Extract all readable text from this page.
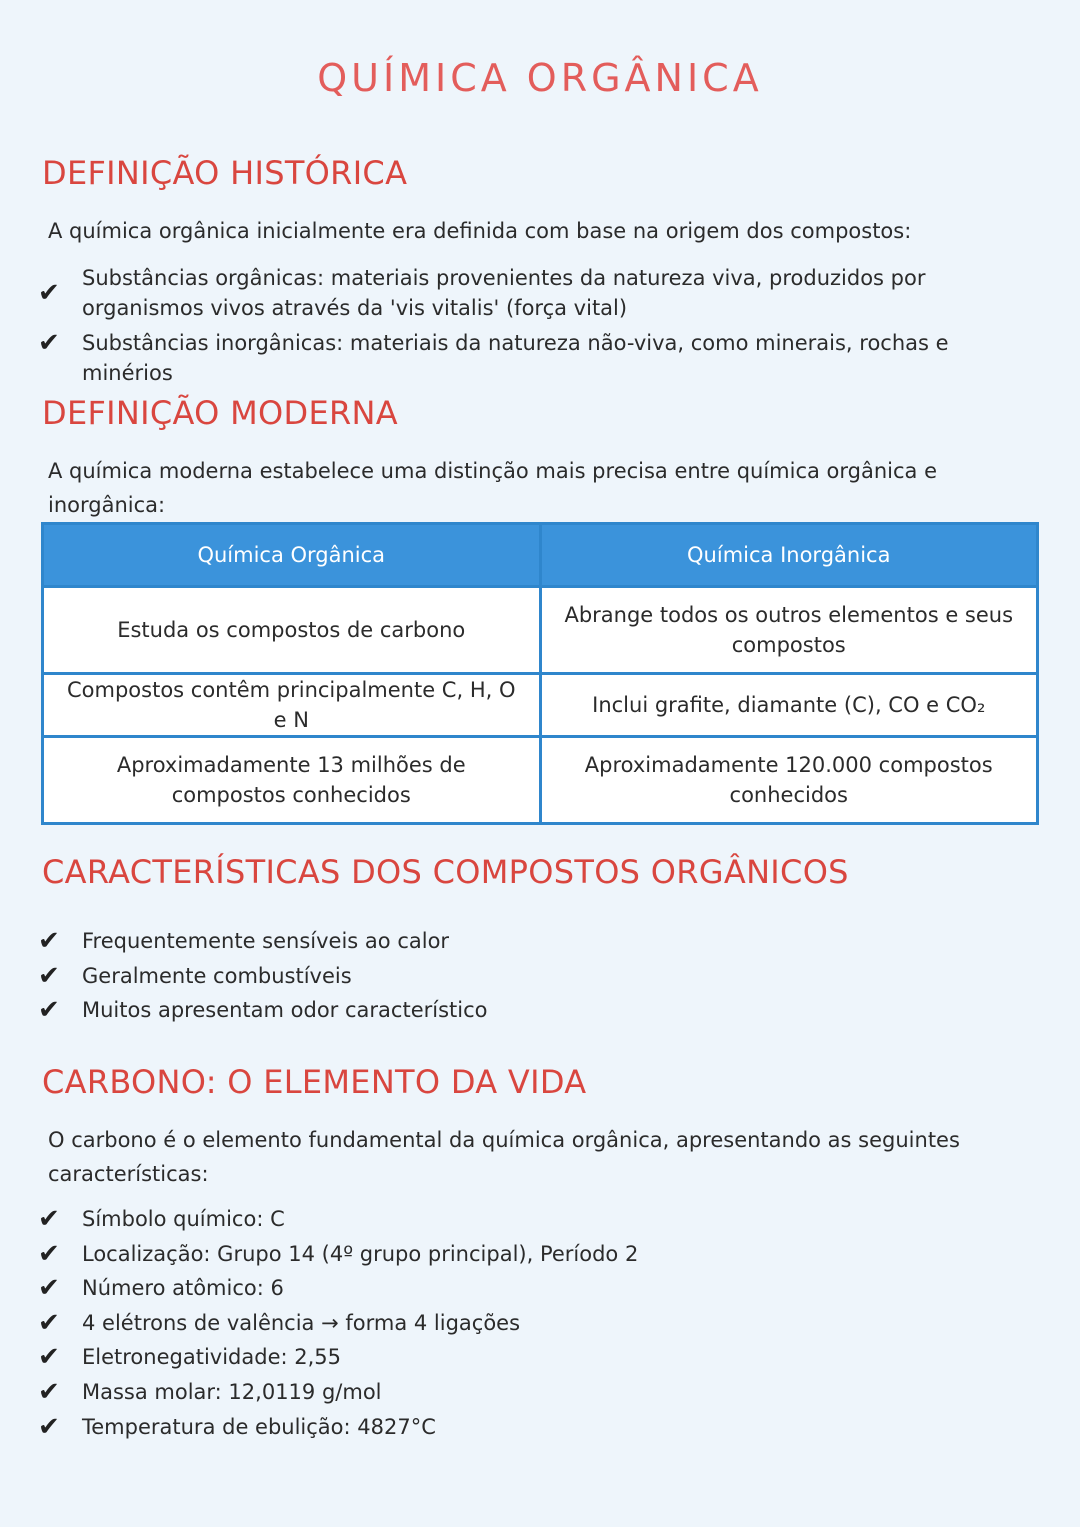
QUÍMICA ORGÂNICA
DEFINIÇÃO HISTÓRICA

A química orgânica inicialmente era definida com base na origem dos compostos:

✔	Substâncias orgânicas: materiais provenientes da natureza viva, produzidos por organismos vivos através da 'vis vitalis' (força vital)
✔	Substâncias inorgânicas: materiais da natureza não-viva, como minerais, rochas e minérios
DEFINIÇÃO MODERNA

A química moderna estabelece uma distinção mais precisa entre química orgânica e inorgânica:

Química Orgânica	Química Inorgânica
Estuda os compostos de carbono	Abrange todos os outros elementos e seus compostos
Compostos contêm principalmente C, H, O e N	Inclui grafite, diamante (C), CO e CO₂
Aproximadamente 13 milhões de compostos conhecidos	Aproximadamente 120.000 compostos conhecidos
CARACTERÍSTICAS DOS COMPOSTOS ORGÂNICOS
✔	Frequentemente sensíveis ao calor
✔	Geralmente combustíveis
✔	Muitos apresentam odor característico
CARBONO: O ELEMENTO DA VIDA

O carbono é o elemento fundamental da química orgânica, apresentando as seguintes características:

✔	Símbolo químico: C
✔	Localização: Grupo 14 (4º grupo principal), Período 2
✔	Número atômico: 6
✔	4 elétrons de valência → forma 4 ligações
✔	Eletronegatividade: 2,55
✔	Massa molar: 12,0119 g/mol
✔	Temperatura de ebulição: 4827°C
